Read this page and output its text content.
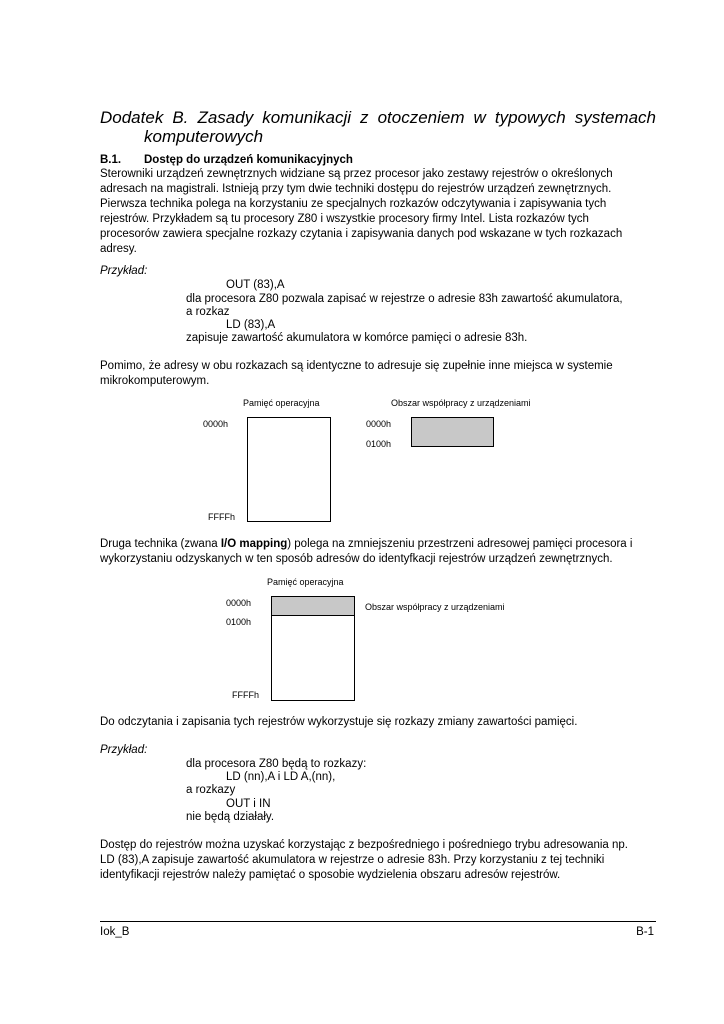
Dodatek B. Zasady komunikacji z otoczeniem w typowych systemach
komputerowych
B.1. Dostęp do urządzeń komunikacyjnych
Sterowniki urządzeń zewnętrznych widziane są przez procesor jako zestawy rejestrów o określonych
adresach na magistrali. Istnieją przy tym dwie techniki dostępu do rejestrów urządzeń zewnętrznych.
Pierwsza technika polega na korzystaniu ze specjalnych rozkazów odczytywania i zapisywania tych
rejestrów. Przykładem są tu procesory Z80 i wszystkie procesory firmy Intel. Lista rozkazów tych
procesorów zawiera specjalne rozkazy czytania i zapisywania danych pod wskazane w tych rozkazach
adresy.
Przykład:
OUT (83),A
dla procesora Z80 pozwala zapisać w rejestrze o adresie 83h zawartość akumulatora,
a rozkaz
LD (83),A
zapisuje zawartość akumulatora w komórce pamięci o adresie 83h.
Pomimo, że adresy w obu rozkazach są identyczne to adresuje się zupełnie inne miejsca w systemie
mikrokomputerowym.
Pamięć operacyjna	Obszar współpracy z urządzeniami
0000h
FFFFh
0000h
0100h
Druga technika (zwana I/O mapping) polega na zmniejszeniu przestrzeni adresowej pamięci procesora i
wykorzystaniu odzyskanych w ten sposób adresów do identyfkacji rejestrów urządzeń zewnętrznych.
Pamięć operacyjna
0000h	Obszar współpracy z urządzeniami
0100h
FFFFh
Do odczytania i zapisania tych rejestrów wykorzystuje się rozkazy zmiany zawartości pamięci.
Przykład:
dla procesora Z80 będą to rozkazy:
LD (nn),A i LD A,(nn),
a rozkazy
OUT i IN
nie będą działały.
Dostęp do rejestrów można uzyskać korzystając z bezpośredniego i pośredniego trybu adresowania np.
LD (83),A zapisuje zawartość akumulatora w rejestrze o adresie 83h. Przy korzystaniu z tej techniki
identyfikacji rejestrów należy pamiętać o sposobie wydzielenia obszaru adresów rejestrów.
Iok_B	B-1
